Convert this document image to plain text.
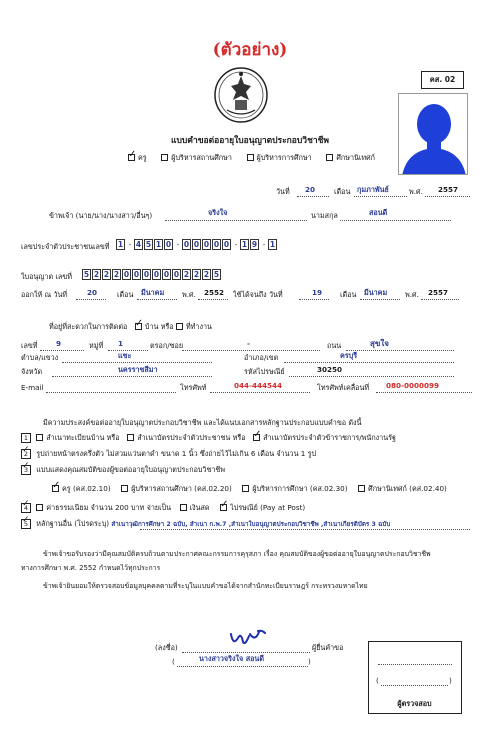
(ตัวอย่าง)
คส. 02
แบบคำขอต่ออายุใบอนุญาตประกอบวิชาชีพ
✓ครู	ผู้บริหารสถานศึกษา	ผู้บริหารการศึกษา	ศึกษานิเทศก์
วันที่ 20	เดือน กุมภาพันธ์	พ.ศ. 2557
ข้าพเจ้า (นาย/นาง/นางสาว/อื่นๆ)	จริงใจ	นามสกุล	สอนดี
เลขประจำตัวประชาชนเลขที่ 1 - 4 5 1 0 - 0 0 0 0 0 - 1 9 - 1
ใบอนุญาต เลขที่ 5 2 2 2 0 0 0 0 0 0 2 2 2 5
ออกให้ ณ วันที่	20	เดือน มีนาคม พ.ศ. 2552 ใช้ได้จนถึง วันที่	19 เดือน มีนาคม พ.ศ. 2557
ที่อยู่ที่สะดวกในการติดต่อ ✓ บ้าน หรือ ที่ทำงาน
เลขที่	9	หมู่ที่ 1	ตรอก/ซอย	-	ถนน	สุขใจ
ตำบล/แขวง	แชะ	อำเภอ/เขต	ครบุรี
จังหวัด	นครราชสีมา	รหัสไปรษณีย์	30250
E-mail	โทรศัพท์	044-444544	โทรศัพท์เคลื่อนที่ 080-0000099
มีความประสงค์ขอต่ออายุใบอนุญาตประกอบวิชาชีพ และได้แนบเอกสารหลักฐานประกอบแบบคำขอ ดังนี้
1	สำเนาทะเบียนบ้าน หรือ สำเนาบัตรประจำตัวประชาชน หรือ ✓ สำเนาบัตรประจำตัวข้าราชการ/พนักงานรัฐ
2 ✓ รูปถ่ายหน้าตรงครึ่งตัว ไม่สวมแว่นตาดำ ขนาด 1 นิ้ว ซึ่งถ่ายไว้ไม่เกิน 6 เดือน จำนวน 1 รูป
3 ✓ แบบแสดงคุณสมบัติของผู้ขอต่ออายุใบอนุญาตประกอบวิชาชีพ
✓ครู (คส.02.10)	ผู้บริหารสถานศึกษา (คส.02.20)	ผู้บริหารการศึกษา (คส.02.30)	ศึกษานิเทศก์ (คส.02.40)
4 ✓	ค่าธรรมเนียม จำนวน 200 บาท จ่ายเป็น	เงินสด ✓	ไปรษณีย์ (Pay at Post)
5 ✓ หลักฐานอื่น (โปรดระบุ) สำเนาวุฒิการศึกษา 2 ฉบับ, สำเนา ก.พ.7 ,สำเนาใบอนุญาตประกอบวิชาชีพ ,สำเนาเกียรติบัตร 3 ฉบับ
ข้าพเจ้าขอรับรองว่ามีคุณสมบัติครบถ้วนตามประกาศคณะกรรมการคุรุสภา เรื่อง คุณสมบัติของผู้ขอต่ออายุใบอนุญาตประกอบวิชาชีพ
ทางการศึกษา พ.ศ. 2552 กำหนดไว้ทุกประการ
ข้าพเจ้ายินยอมให้ตรวจสอบข้อมูลบุคคลตามที่ระบุในแบบคำขอได้จากสำนักทะเบียนราษฎร์ กระทรวงมหาดไทย
(ลงชื่อ)	ผู้ยื่นคำขอ
(	นางสาวจริงใจ สอนดี	)
(	)
ผู้ตรวจสอบ
